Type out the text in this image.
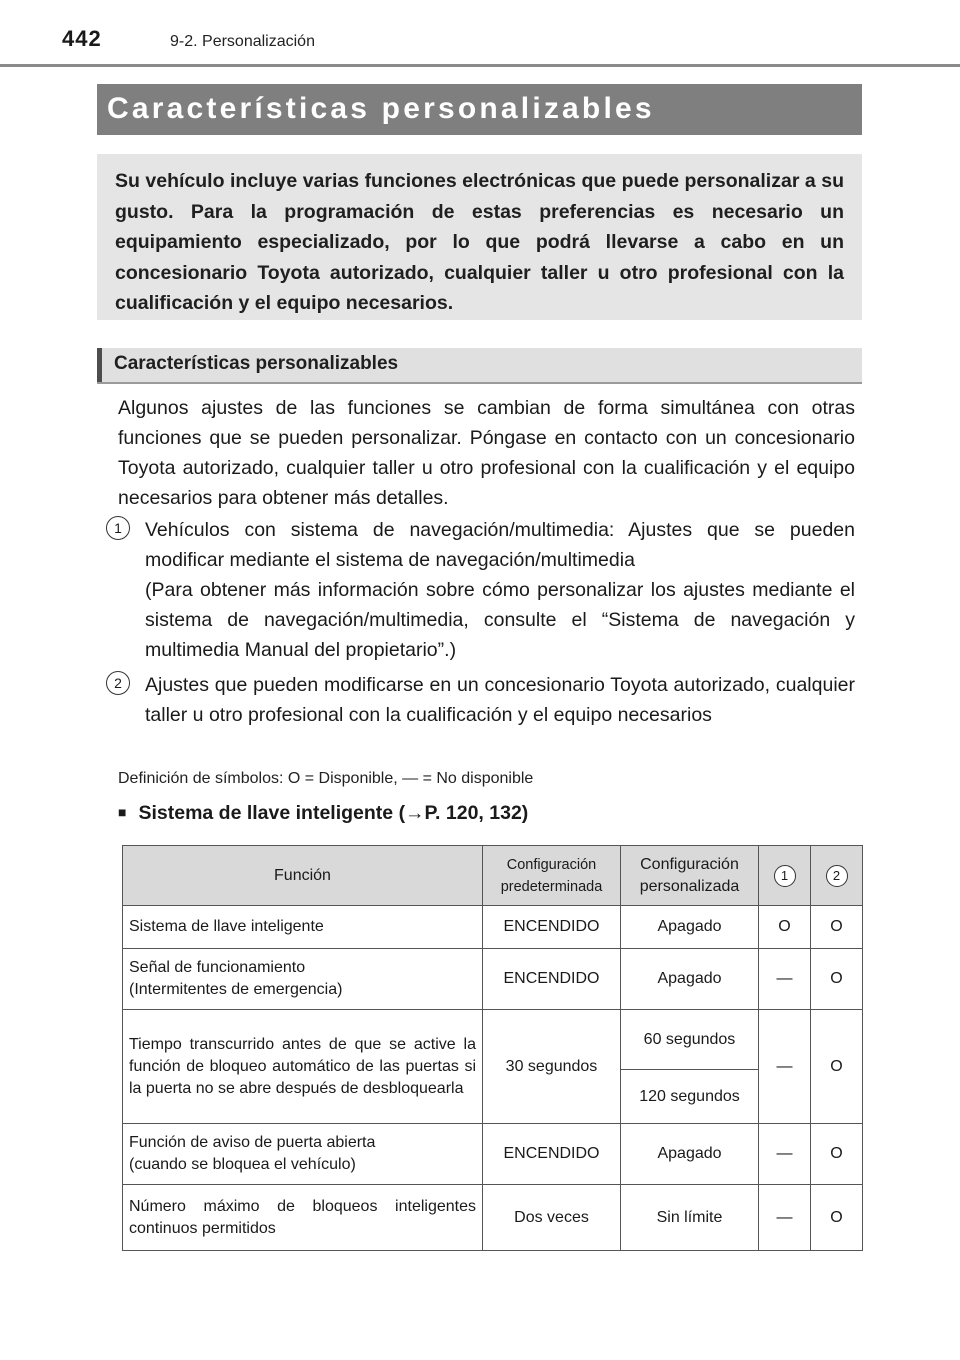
442	9-2. Personalización
Características personalizables

Su vehículo incluye varias funciones electrónicas que puede personalizar a su gusto. Para la programación de estas preferencias es necesario un equipamiento especializado, por lo que podrá llevarse a cabo en un concesionario Toyota autorizado, cualquier taller u otro profesional con la cualificación y el equipo necesarios.

Características personalizables

Algunos ajustes de las funciones se cambian de forma simultánea con otras funciones que se pueden personalizar. Póngase en contacto con un concesionario Toyota autorizado, cualquier taller u otro profesional con la cualificación y el equipo necesarios para obtener más detalles.

1	Vehículos con sistema de navegación/multimedia: Ajustes que se pueden modificar mediante el sistema de navegación/multimedia

(Para obtener más información sobre cómo personalizar los ajustes mediante el sistema de navegación/multimedia, consulte el “Sistema de navegación y multimedia Manual del propietario”.)

2	Ajustes que pueden modificarse en un concesionario Toyota autorizado, cualquier taller u otro profesional con la cualificación y el equipo necesarios

Definición de símbolos: O = Disponible, — = No disponible
■ Sistema de llave inteligente (→P. 120, 132)
Función	Configuración predeterminada	Configuración personalizada	1	2
Sistema de llave inteligente	ENCENDIDO	Apagado	O	O
Señal de funcionamiento
(Intermitentes de emergencia)	ENCENDIDO	Apagado	—	O
Tiempo transcurrido antes de que se active la función de bloqueo automático de las puertas si la puerta no se abre después de desbloquearla	30 segundos	60 segundos	—	O
		120 segundos		
Función de aviso de puerta abierta
(cuando se bloquea el vehículo)	ENCENDIDO	Apagado	—	O
Número máximo de bloqueos inteligentes continuos permitidos	Dos veces	Sin límite	—	O
